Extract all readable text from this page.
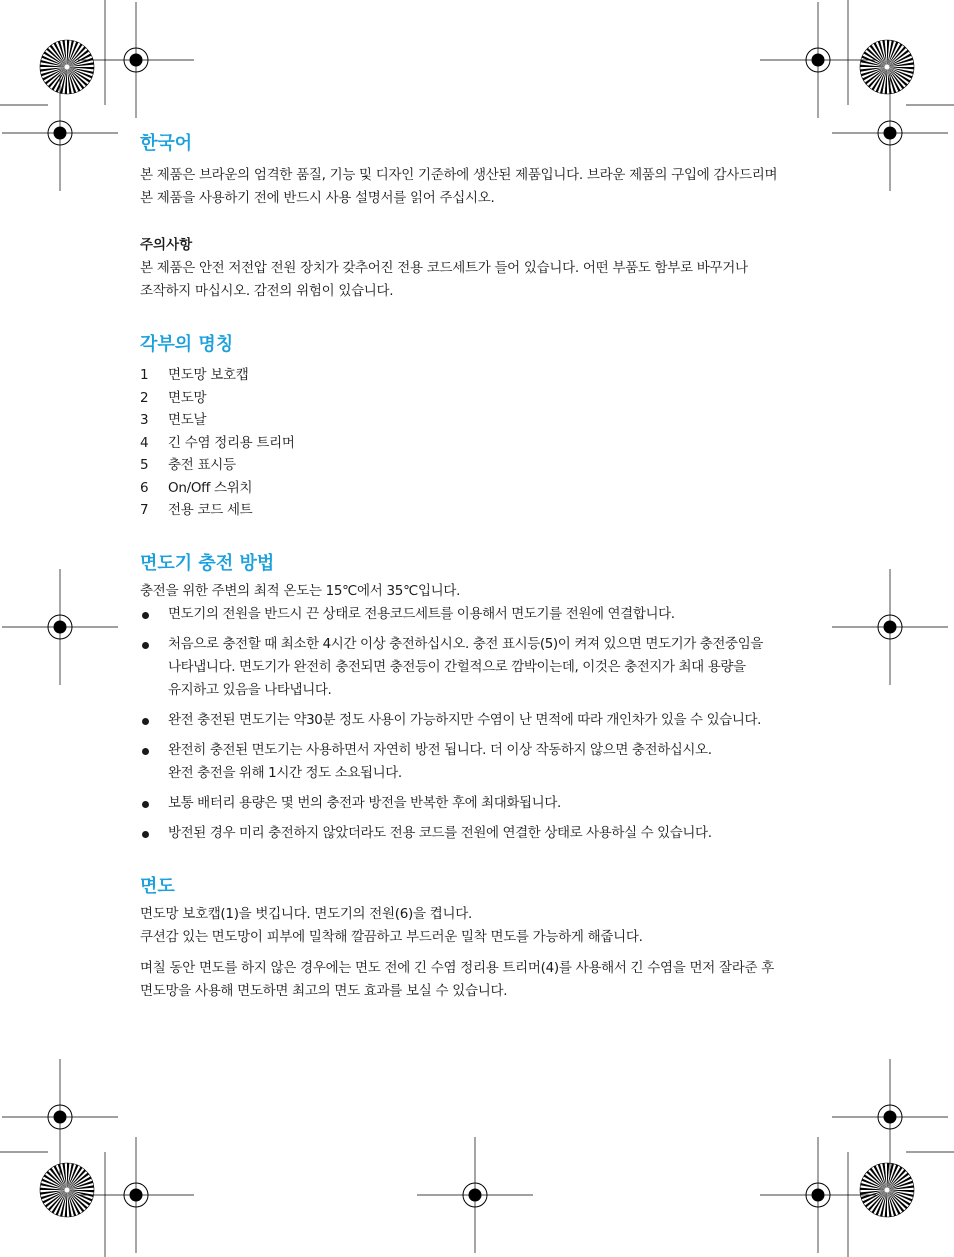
한국어

본 제품은 브라운의 엄격한 품질, 기능 및 디자인 기준하에 생산된 제품입니다. 브라운 제품의 구입에 감사드리며
본 제품을 사용하기 전에 반드시 사용 설명서를 읽어 주십시오.

주의사항

본 제품은 안전 저전압 전원 장치가 갖추어진 전용 코드세트가 들어 있습니다. 어떤 부품도 함부로 바꾸거나
조작하지 마십시오. 감전의 위험이 있습니다.

각부의 명칭
1	면도망 보호캡
2	면도망
3	면도날
4	긴 수염 정리용 트리머
5	충전 표시등
6	On/Off 스위치
7	전용 코드 세트
면도기 충전 방법

충전을 위한 주변의 최적 온도는 15℃에서 35℃입니다.

면도기의 전원을 반드시 끈 상태로 전용코드세트를 이용해서 면도기를 전원에 연결합니다.
처음으로 충전할 때 최소한 4시간 이상 충전하십시오. 충전 표시등(5)이 켜져 있으면 면도기가 충전중임을
나타냅니다. 면도기가 완전히 충전되면 충전등이 간헐적으로 깜박이는데, 이것은 충전지가 최대 용량을
유지하고 있음을 나타냅니다.
완전 충전된 면도기는 약30분 정도 사용이 가능하지만 수염이 난 면적에 따라 개인차가 있을 수 있습니다.
완전히 충전된 면도기는 사용하면서 자연히 방전 됩니다. 더 이상 작동하지 않으면 충전하십시오.
완전 충전을 위해 1시간 정도 소요됩니다.
보통 배터리 용량은 몇 번의 충전과 방전을 반복한 후에 최대화됩니다.
방전된 경우 미리 충전하지 않았더라도 전용 코드를 전원에 연결한 상태로 사용하실 수 있습니다.
면도

면도망 보호캡(1)을 벗깁니다. 면도기의 전원(6)을 켭니다.
쿠션감 있는 면도망이 피부에 밀착해 깔끔하고 부드러운 밀착 면도를 가능하게 해줍니다.

며칠 동안 면도를 하지 않은 경우에는 면도 전에 긴 수염 정리용 트리머(4)를 사용해서 긴 수염을 먼저 잘라준 후
면도망을 사용해 면도하면 최고의 면도 효과를 보실 수 있습니다.
